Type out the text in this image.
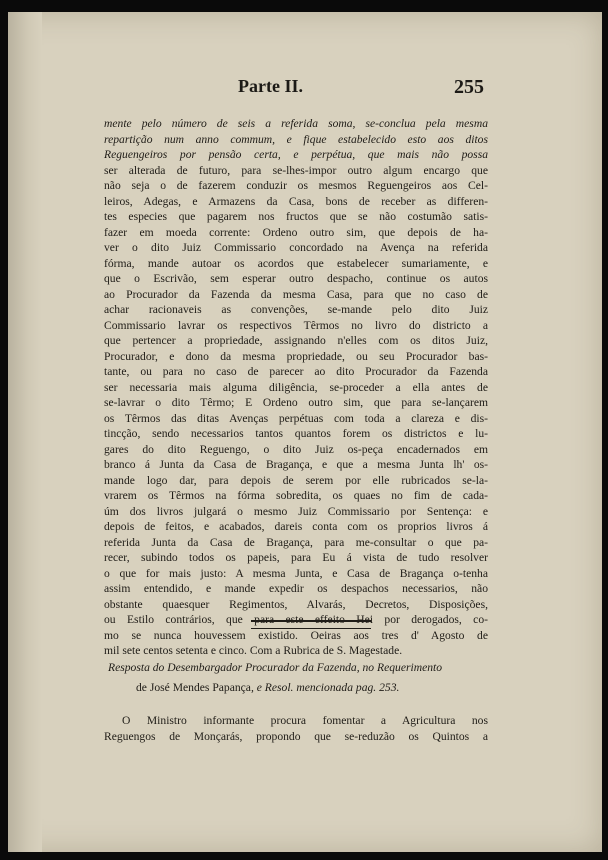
Parte II.	255
mente pelo número de seis a referida soma, se-conclua pela mesma
repartição num anno commum, e fique estabelecido esto aos ditos
Reguengeiros por pensão certa, e perpétua, que mais não possa
ser alterada de futuro, para se-lhes-impor outro algum encargo que
não seja o de fazerem conduzir os mesmos Reguengeiros aos Cel-
leiros, Adegas, e Armazens da Casa, bons de receber as differen-
tes especies que pagarem nos fructos que se não costumão satis-
fazer em moeda corrente: Ordeno outro sim, que depois de ha-
ver o dito Juiz Commissario concordado na Avença na referida
fórma, mande autoar os acordos que estabelecer sumariamente, e
que o Escrivão, sem esperar outro despacho, continue os autos
ao Procurador da Fazenda da mesma Casa, para que no caso de
achar racionaveis as convenções, se-mande pelo dito Juiz
Commissario lavrar os respectivos Têrmos no livro do districto a
que pertencer a propriedade, assignando n'elles com os ditos Juiz,
Procurador, e dono da mesma propriedade, ou seu Procurador bas-
tante, ou para no caso de parecer ao dito Procurador da Fazenda
ser necessaria mais alguma diligência, se-proceder a ella antes de
se-lavrar o dito Têrmo; E Ordeno outro sim, que para se-lançarem
os Têrmos das ditas Avenças perpétuas com toda a clareza e dis-
tincção, sendo necessarios tantos quantos forem os districtos e lu-
gares do dito Reguengo, o dito Juiz os-peça encadernados em
branco á Junta da Casa de Bragança, e que a mesma Junta lh' os-
mande logo dar, para depois de serem por elle rubricados se-la-
vrarem os Têrmos na fórma sobredita, os quaes no fim de cada-
úm dos livros julgará o mesmo Juiz Commissario por Sentença: e
depois de feitos, e acabados, dareis conta com os proprios livros á
referida Junta da Casa de Bragança, para me-consultar o que pa-
recer, subindo todos os papeis, para Eu á vista de tudo resolver
o que for mais justo: A mesma Junta, e Casa de Bragança o-tenha
assim entendido, e mande expedir os despachos necessarios, não
obstante quaesquer Regimentos, Alvarás, Decretos, Disposições,
ou Estilo contrários, que para este effeito Hei por derogados, co-
mo se nunca houvessem existido. Oeiras aos tres d' Agosto de
mil sete centos setenta e cinco. Com a Rubrica de S. Magestade.
Resposta do Desembargador Procurador da Fazenda, no Requerimento
de José Mendes Papança, e Resol. mencionada pag. 253.
O Ministro informante procura fomentar a Agricultura nos
Reguengos de Monçarás, propondo que se-reduzão os Quintos a
